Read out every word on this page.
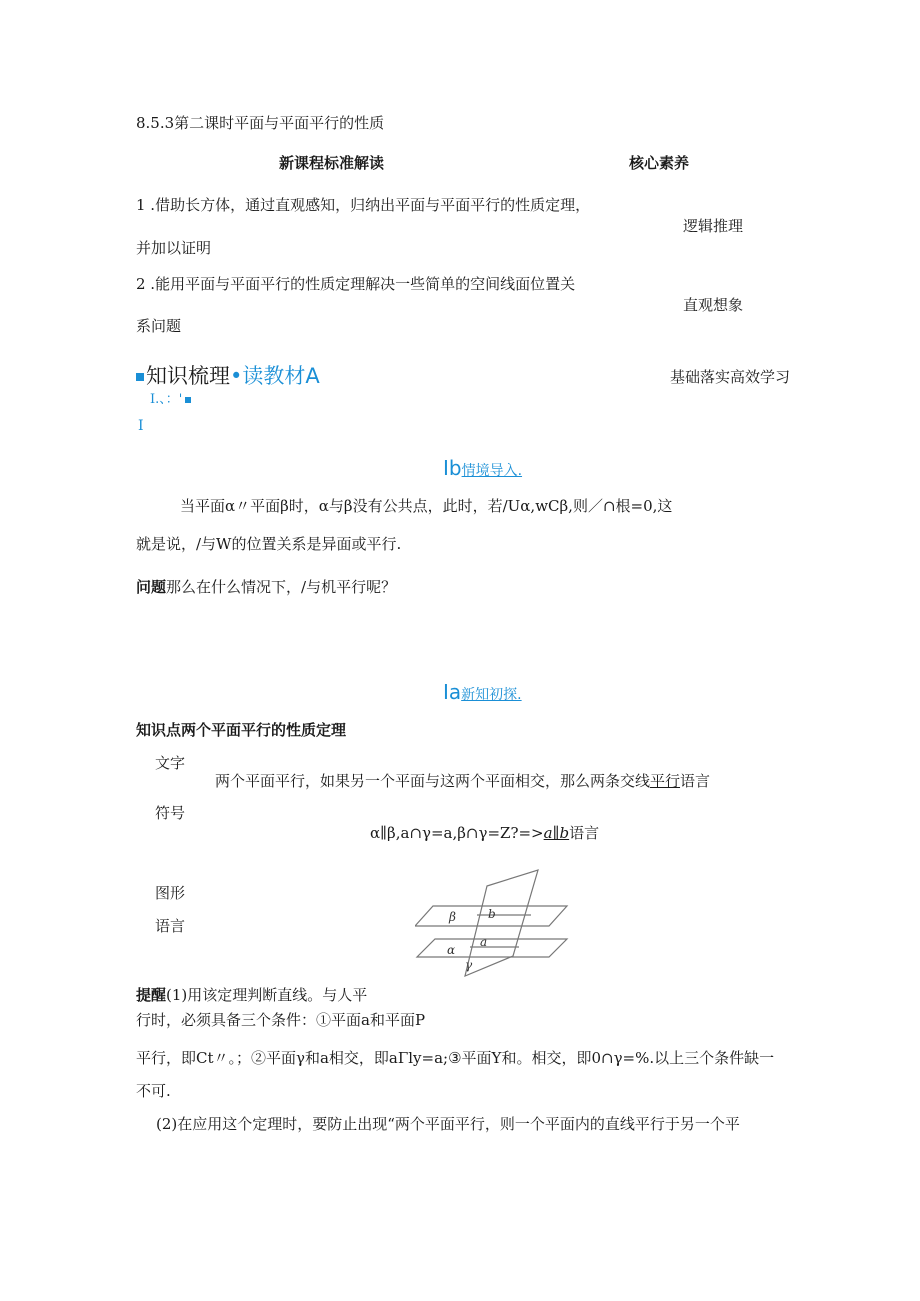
8.5.3第二课时平面与平面平行的性质
新课程标准解读	核心素养
1 .借助长方体，通过直观感知，归纳出平面与平面平行的性质定理，
并加以证明
逻辑推理
2 .能用平面与平面平行的性质定理解决一些简单的空间线面位置关
系问题
直观想象
知识梳理•读教材A	基础落实高效学习
I.、：'
I
Ib情境导入.
当平面α〃平面β时，α与β没有公共点，此时，若/Uα,wCβ,则／∩根=0,这
就是说，/与W的位置关系是异面或平行.
问题那么在什么情况下，/与机平行呢？
Ia新知初探.
知识点两个平面平行的性质定理
文字
两个平面平行，如果另一个平面与这两个平面相交，那么两条交线平行语言
符号
α∥β,a∩γ=a,β∩γ=Z?=>a∥b语言
图形
语言	β	b
a
α
γ
提醒(1)用该定理判断直线。与人平
行时，必须具备三个条件：①平面a和平面P
平行，即Ct〃。；②平面γ和a相交，即aΓly=a;③平面Y和。相交，即0∩γ=%.以上三个条件缺一
不可.
(2)在应用这个定理时，要防止出现“两个平面平行，则一个平面内的直线平行于另一个平
